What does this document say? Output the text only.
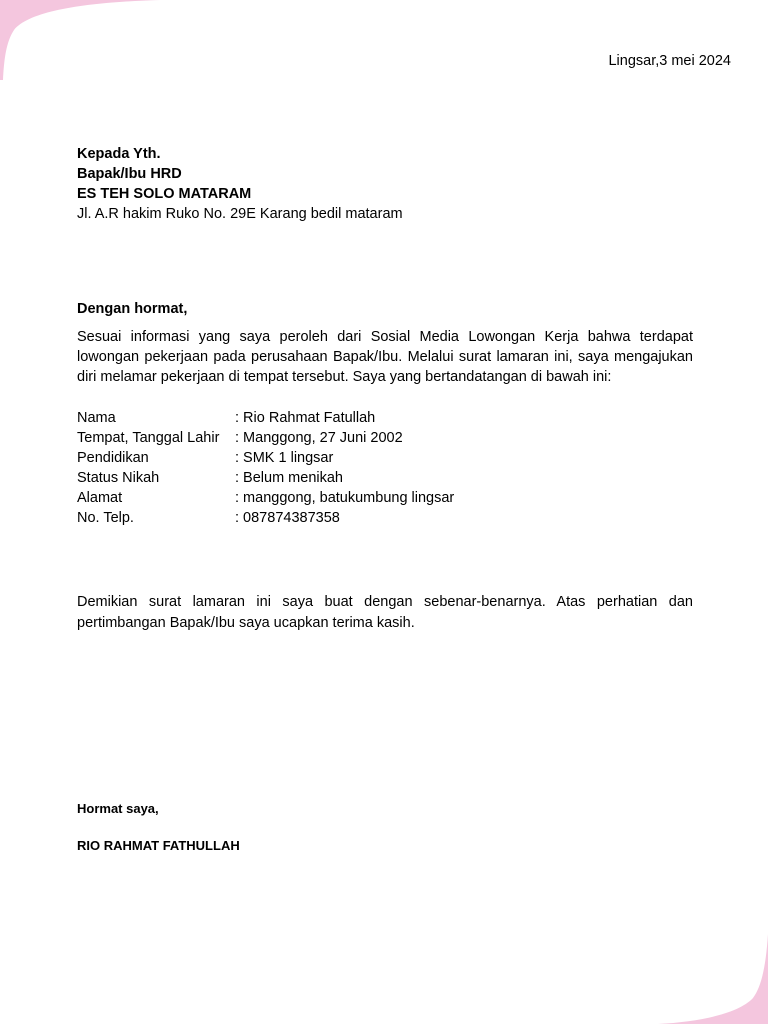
Lingsar,3 mei 2024
Kepada Yth.
Bapak/Ibu HRD
ES TEH SOLO MATARAM
Jl. A.R hakim Ruko No. 29E Karang bedil mataram
Dengan hormat,
Sesuai informasi yang saya peroleh dari Sosial Media Lowongan Kerja bahwa terdapat lowongan pekerjaan pada perusahaan Bapak/Ibu. Melalui surat lamaran ini, saya mengajukan diri melamar pekerjaan di tempat tersebut. Saya yang bertandatangan di bawah ini:
Nama	: Rio Rahmat Fatullah
Tempat, Tanggal Lahir	: Manggong, 27 Juni 2002
Pendidikan	: SMK 1 lingsar
Status Nikah	: Belum menikah
Alamat	: manggong, batukumbung lingsar
No. Telp.	: 087874387358
Demikian surat lamaran ini saya buat dengan sebenar-benarnya. Atas perhatian dan pertimbangan Bapak/Ibu saya ucapkan terima kasih.
Hormat saya,
RIO RAHMAT FATHULLAH
